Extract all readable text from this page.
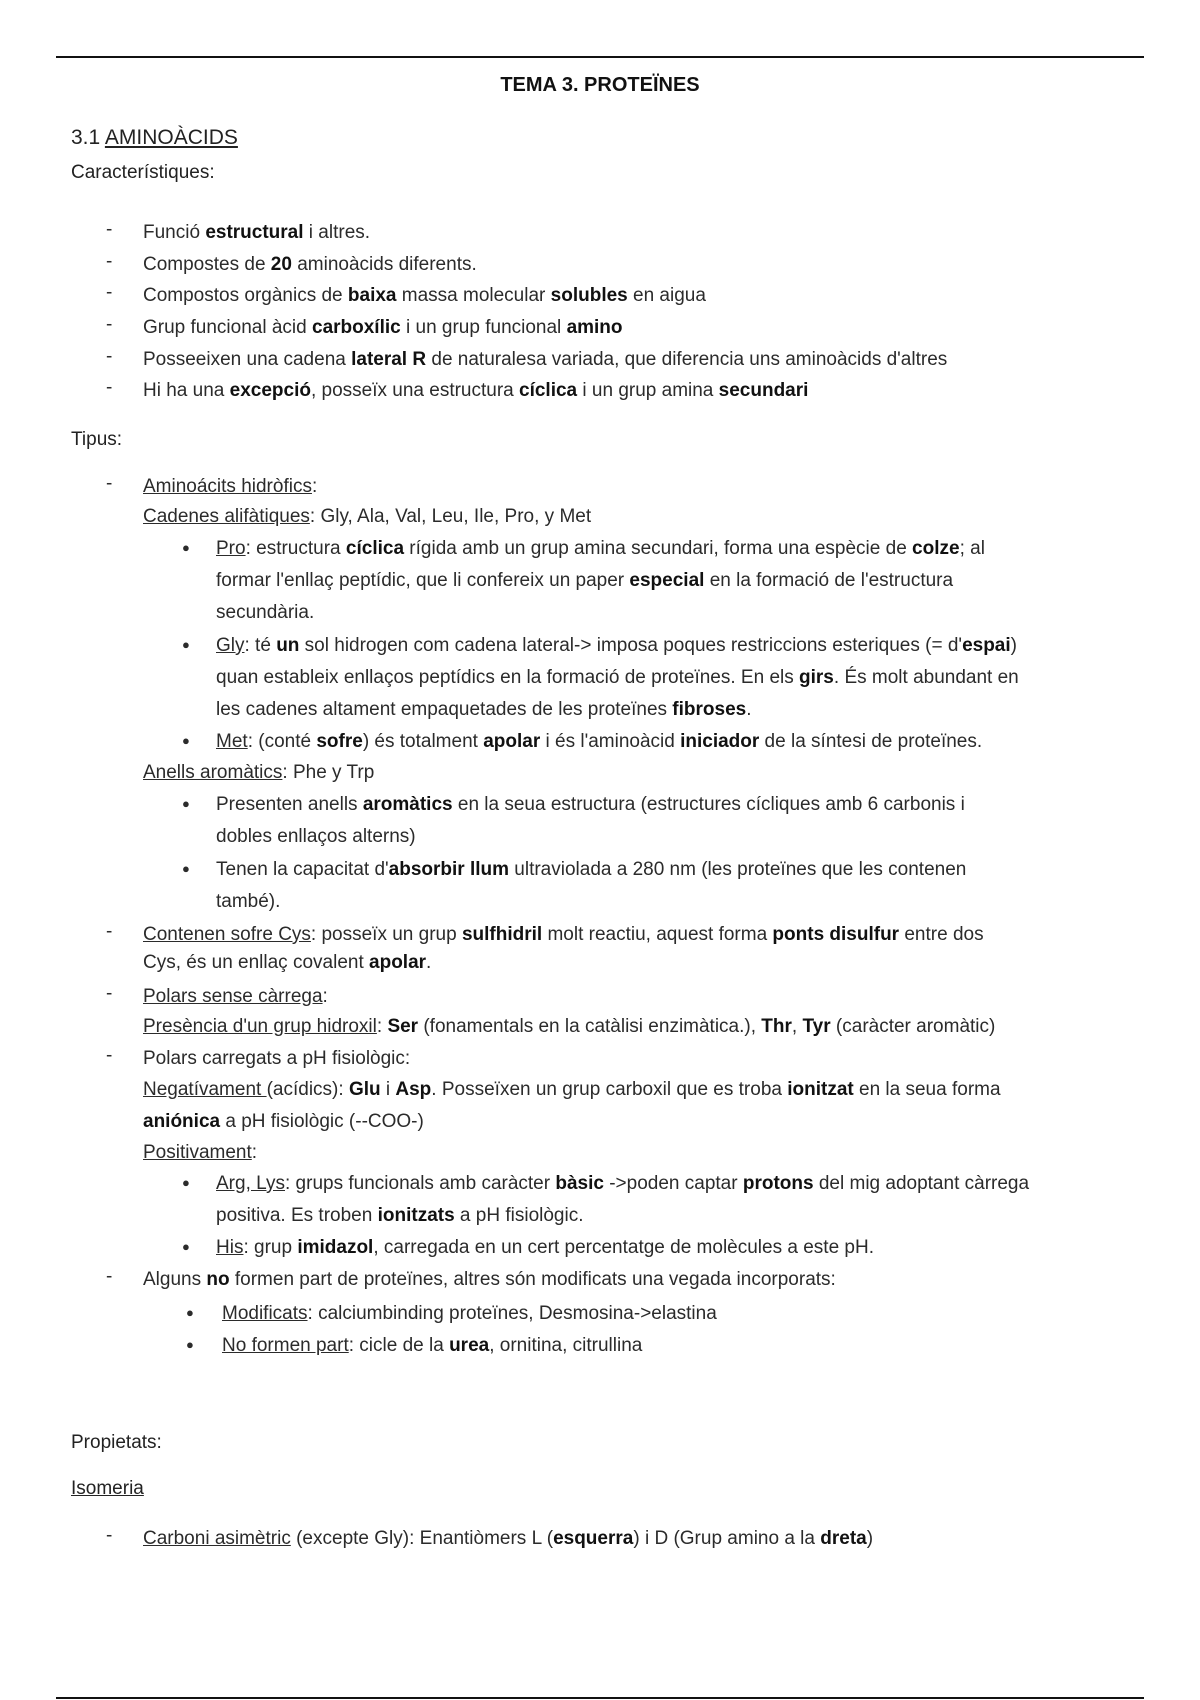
TEMA 3. PROTEÏNES
3.1 AMINOÀCIDS
Característiques:
- Funció estructural i altres.
- Compostes de 20 aminoàcids diferents.
- Compostos orgànics de baixa massa molecular solubles en aigua
- Grup funcional àcid carboxílic i un grup funcional amino
- Posseeixen una cadena lateral R de naturalesa variada, que diferencia uns aminoàcids d'altres
- Hi ha una excepció, posseïx una estructura cíclica i un grup amina secundari
Tipus:
- Aminoácits hidròfics:
Cadenes alifàtiques: Gly, Ala, Val, Leu, Ile, Pro, y Met
● Pro: estructura cíclica rígida amb un grup amina secundari, forma una espècie de colze; al
formar l'enllaç peptídic, que li confereix un paper especial en la formació de l'estructura
secundària.
● Gly: té un sol hidrogen com cadena lateral-> imposa poques restriccions esteriques (= d'espai)
quan estableix enllaços peptídics en la formació de proteïnes. En els girs. És molt abundant en
les cadenes altament empaquetades de les proteïnes fibroses.
● Met: (conté sofre) és totalment apolar i és l'aminoàcid iniciador de la síntesi de proteïnes.
Anells aromàtics: Phe y Trp
● Presenten anells aromàtics en la seua estructura (estructures cícliques amb 6 carbonis i
dobles enllaços alterns)
● Tenen la capacitat d'absorbir llum ultraviolada a 280 nm (les proteïnes que les contenen
també).
- Contenen sofre Cys: posseïx un grup sulfhidril molt reactiu, aquest forma ponts disulfur entre dos
Cys, és un enllaç covalent apolar.
- Polars sense càrrega:
Presència d'un grup hidroxil: Ser (fonamentals en la catàlisi enzimàtica.), Thr, Tyr (caràcter aromàtic)
- Polars carregats a pH fisiològic:
Negatívament (acídics): Glu i Asp. Posseïxen un grup carboxil que es troba ionitzat en la seua forma
aniónica a pH fisiològic (--COO-)
Positivament:
● Arg, Lys: grups funcionals amb caràcter bàsic ->poden captar protons del mig adoptant càrrega
positiva. Es troben ionitzats a pH fisiològic.
● His: grup imidazol, carregada en un cert percentatge de molècules a este pH.
- Alguns no formen part de proteïnes, altres són modificats una vegada incorporats:
● Modificats: calciumbinding proteïnes, Desmosina->elastina
● No formen part: cicle de la urea, ornitina, citrullina
Propietats:
Isomeria
- Carboni asimètric (excepte Gly): Enantiòmers L (esquerra) i D (Grup amino a la dreta)
